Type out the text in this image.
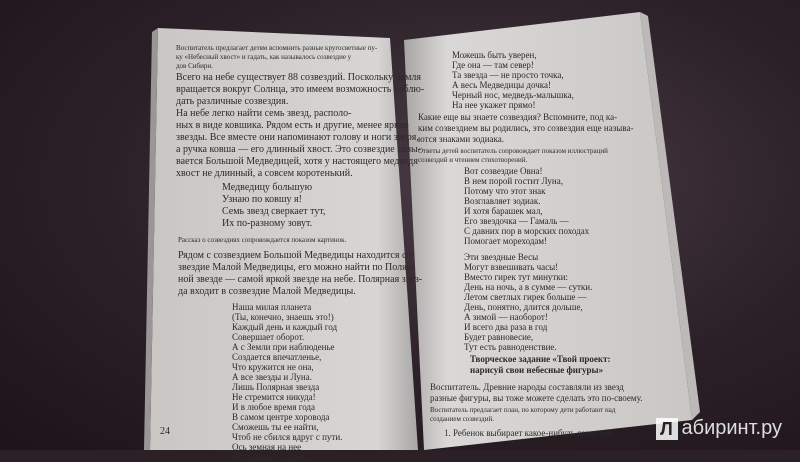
Воспитатель предлагает детям вспомнить разные кругосветные пу-
ку «Небесный хвост» и гадать, как называлось созвездие у
дов Сибири.
Всего на небе существует 88 созвездий. Поскольку Земля
вращается вокруг Солнца, это имеем возможность наблю-
дать различные созвездия.
На небе легко найти семь звезд, располо-
ных в виде ковшика. Рядом есть и другие, менее яркие
звезды. Все вместе они напоминают голову и ноги зверя,
а ручка ковша — его длинный хвост. Это созвездие назы-
вается Большой Медведицей, хотя у настоящего медведя
хвост не длинный, а совсем коротенький.
Медведицу большую
Узнаю по ковшу я!
Семь звезд сверкает тут,
Их по-разному зовут.
Рассказ о созвездиях сопровождается показом картинок.
Рядом с созвездием Большой Медведицы находится со-
звездие Малой Медведицы, его можно найти по Поляр-
ной звезде — самой яркой звезде на небе. Полярная звез-
да входит в созвездие Малой Медведицы.
Наша милая планета
(Ты, конечно, знаешь это!)
Каждый день и каждый год
Совершает оборот.
А с Земли при наблюденье
Создается впечатленье,
Что кружится не она,
А все звезды и Луна.
Лишь Полярная звезда
Не стремится никуда!
И в любое время года
В самом центре хоровода
Сможешь ты ее найти,
Чтоб не сбился вдруг с пути.
Ось земная на нее
Направляет острие.
24
Можешь быть уверен,
Где она — там север!
Та звезда — не просто точка,
А весь Медведицы дочка!
Черный нос, медведь-малышка,
На нее укажет прямо!
Какие еще вы знаете созвездия? Вспомните, под ка-
ким созвездием вы родились, это созвездия еще называ-
ются знаками зодиака.
Ответы детей воспитатель сопровождает показом иллюстраций
созвездий и чтением стихотворений.
Вот созвездие Овна!
В нем порой гостит Луна,
Потому что этот знак
Возглавляет зодиак.
И хотя барашек мал,
Его звездочка — Гамаль —
С давних пор в морских походах
Помогает мореходам!
Эти звездные Весы
Могут взвешивать часы!
Вместо гирек тут минутки:
День на ночь, а в сумме — сутки.
Летом светлых гирек больше —
День, понятно, длится дольше,
А зимой — наоборот!
И всего два раза в год
Будет равновесие,
Тут есть равноденствие.
Творческое задание «Твой проект:
нарисуй свои небесные фигуры»
Воспитатель. Древние народы составляли из звезд
разные фигуры, вы тоже можете сделать это по-своему.
Воспитатель предлагает план, по которому дети работают над
созданием созвездий.
1. Ребенок выбирает какое-нибудь созвездие. Л абиринт.ру
